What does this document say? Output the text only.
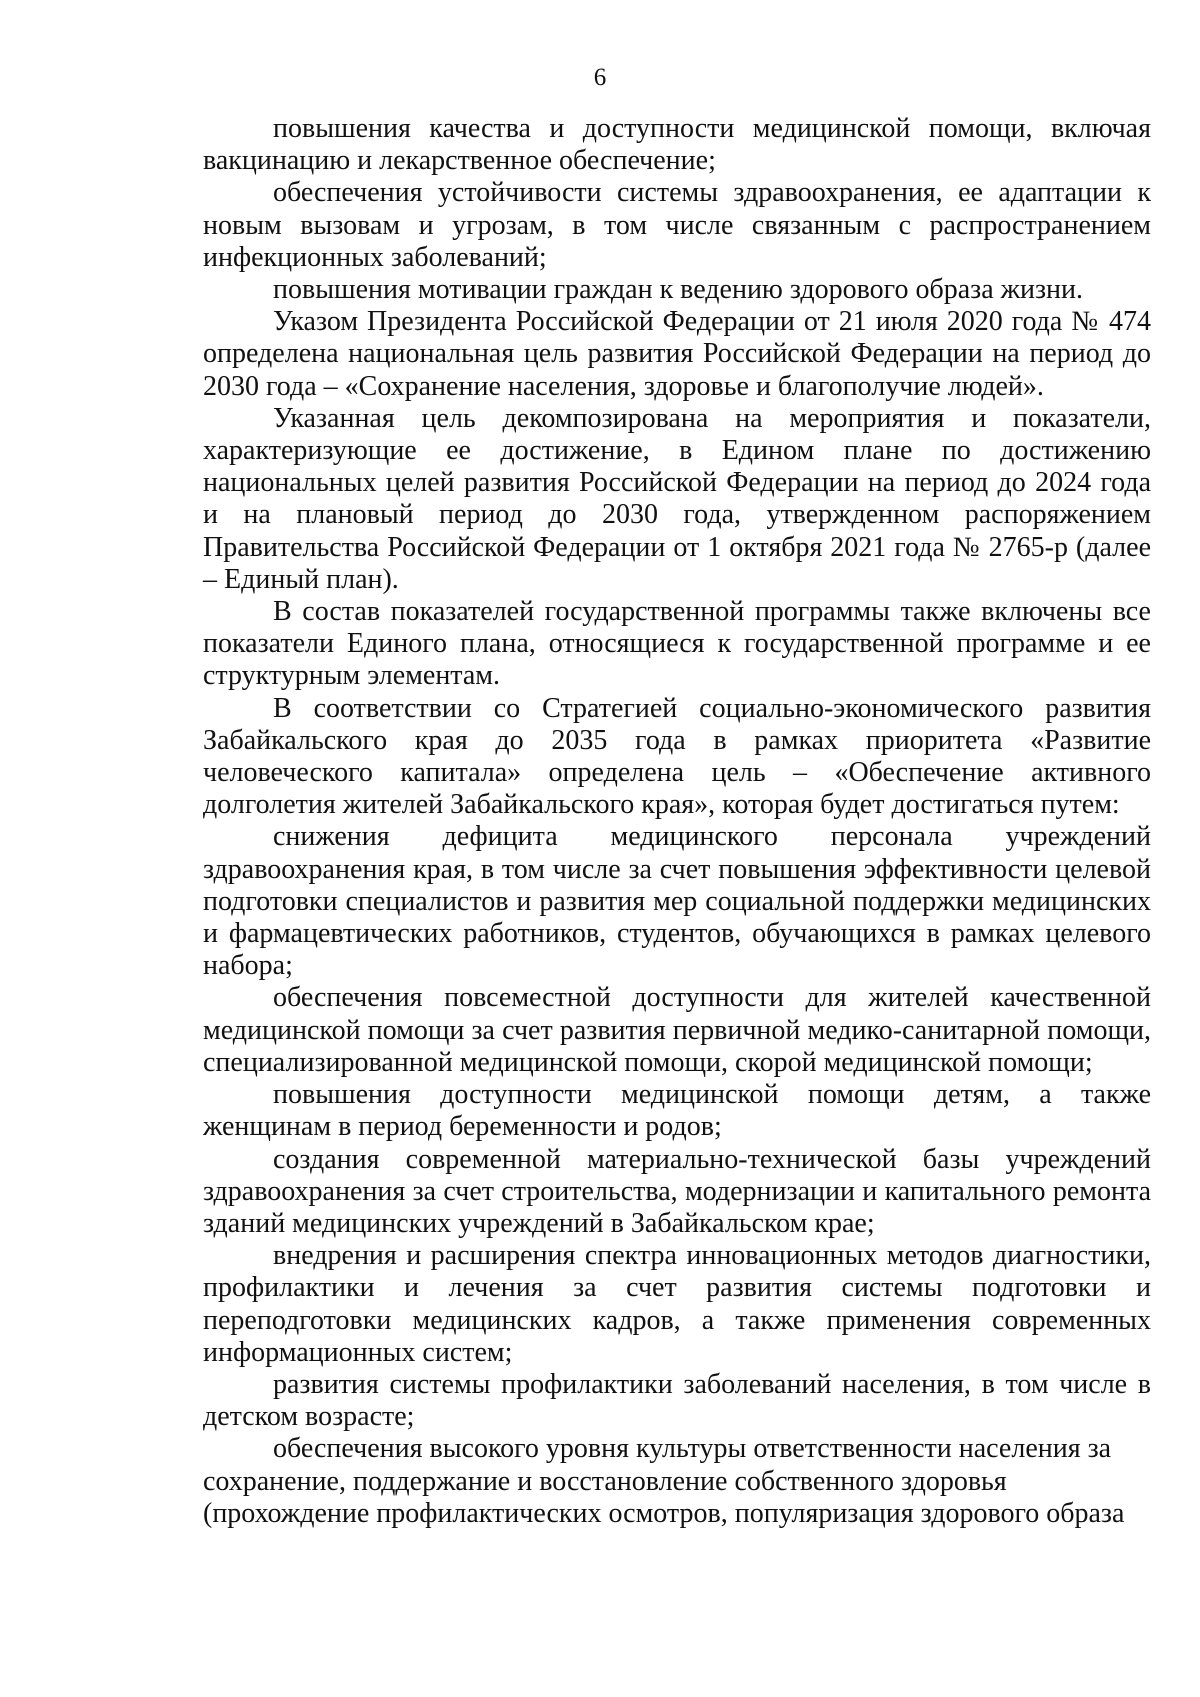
6

повышения качества и доступности медицинской помощи, включая вакцинацию и лекарственное обеспечение;

обеспечения устойчивости системы здравоохранения, ее адаптации к новым вызовам и угрозам, в том числе связанным с распространением инфекционных заболеваний;

повышения мотивации граждан к ведению здорового образа жизни.

Указом Президента Российской Федерации от 21 июля 2020 года № 474 определена национальная цель развития Российской Федерации на период до 2030 года – «Сохранение населения, здоровье и благополучие людей».

Указанная цель декомпозирована на мероприятия и показатели, характеризующие ее достижение, в Едином плане по достижению национальных целей развития Российской Федерации на период до 2024 года и на плановый период до 2030 года, утвержденном распоряжением Правительства Российской Федерации от 1 октября 2021 года № 2765-р (далее – Единый план).

В состав показателей государственной программы также включены все показатели Единого плана, относящиеся к государственной программе и ее структурным элементам.

В соответствии со Стратегией социально-экономического развития Забайкальского края до 2035 года в рамках приоритета «Развитие человеческого капитала» определена цель – «Обеспечение активного долголетия жителей Забайкальского края», которая будет достигаться путем:

снижения дефицита медицинского персонала учреждений здравоохранения края, в том числе за счет повышения эффективности целевой подготовки специалистов и развития мер социальной поддержки медицинских и фармацевтических работников, студентов, обучающихся в рамках целевого набора;

обеспечения повсеместной доступности для жителей качественной медицинской помощи за счет развития первичной медико-санитарной помощи, специализированной медицинской помощи, скорой медицинской помощи;

повышения доступности медицинской помощи детям, а также женщинам в период беременности и родов;

создания современной материально-технической базы учреждений здравоохранения за счет строительства, модернизации и капитального ремонта зданий медицинских учреждений в Забайкальском крае;

внедрения и расширения спектра инновационных методов диагностики, профилактики и лечения за счет развития системы подготовки и переподготовки медицинских кадров, а также применения современных информационных систем;

развития системы профилактики заболеваний населения, в том числе в детском возрасте;

обеспечения высокого уровня культуры ответственности населения за сохранение, поддержание и восстановление собственного здоровья (прохождение профилактических осмотров, популяризация здорового образа
